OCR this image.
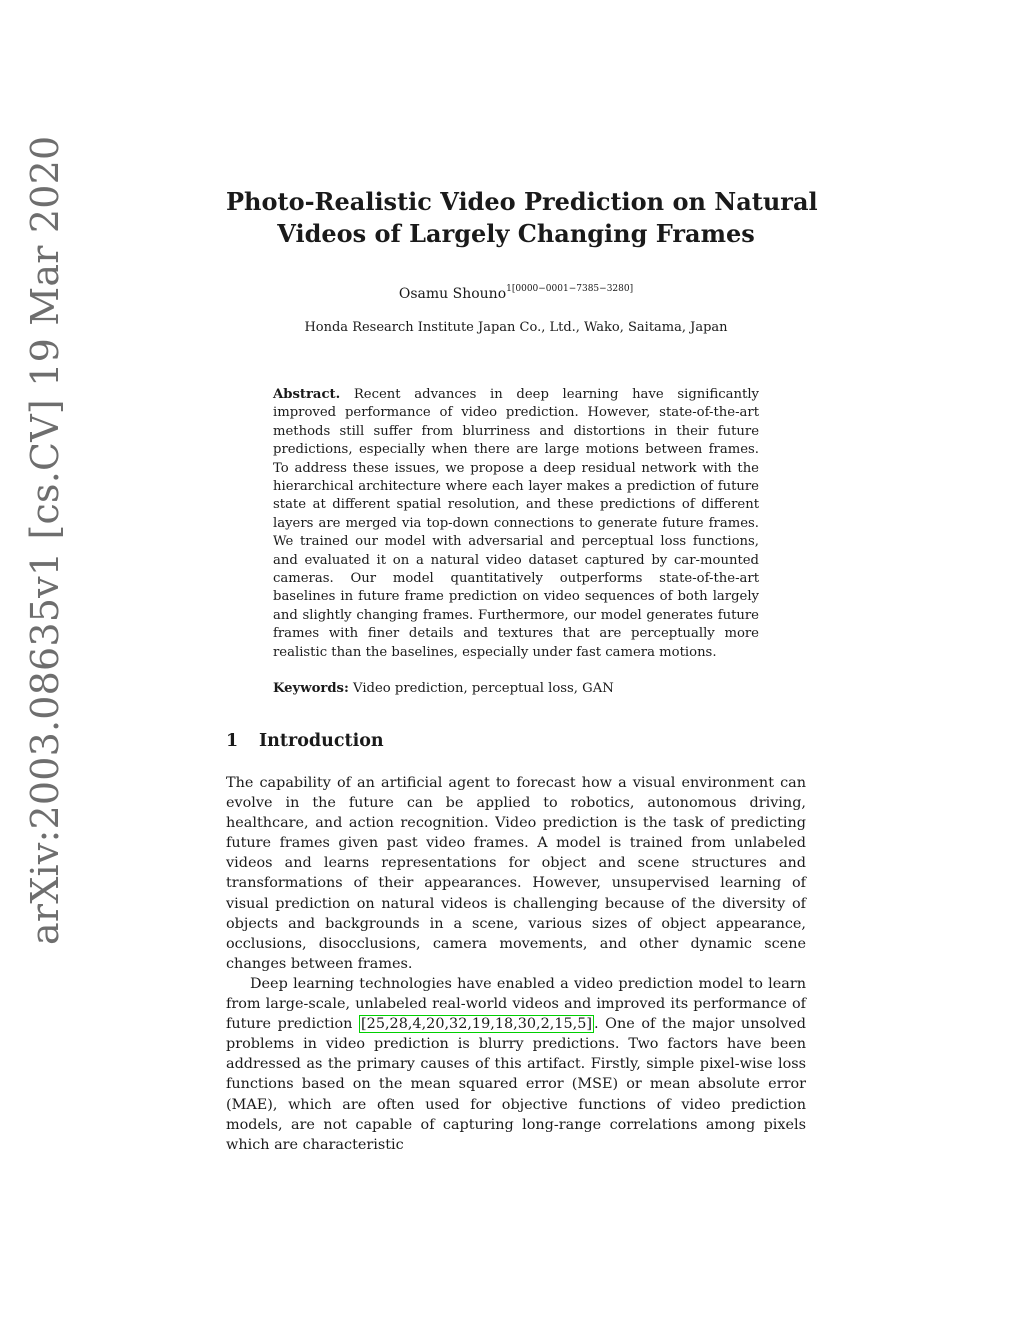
arXiv:2003.08635v1 [cs.CV] 19 Mar 2020	Photo-Realistic Video Prediction on Natural
Videos of Largely Changing Frames
Osamu Shouno$^{1[0000-0001-7385-3280]}$
Honda Research Institute Japan Co., Ltd., Wako, Saitama, Japan
Abstract. Recent advances in deep learning have significantly improved performance of video prediction. However, state-of-the-art methods still suffer from blurriness and distortions in their future predictions, especially when there are large motions between frames. To address these issues, we propose a deep residual network with the hierarchical architecture where each layer makes a prediction of future state at different spatial resolution, and these predictions of different layers are merged via top-down connections to generate future frames. We trained our model with adversarial and perceptual loss functions, and evaluated it on a natural video dataset captured by car-mounted cameras. Our model quantitatively outperforms state-of-the-art baselines in future frame prediction on video sequences of both largely and slightly changing frames. Furthermore, our model generates future frames with finer details and textures that are perceptually more realistic than the baselines, especially under fast camera motions.
Keywords: Video prediction, perceptual loss, GAN
1 Introduction

The capability of an artificial agent to forecast how a visual environment can evolve in the future can be applied to robotics, autonomous driving, healthcare, and action recognition. Video prediction is the task of predicting future frames given past video frames. A model is trained from unlabeled videos and learns representations for object and scene structures and transformations of their appearances. However, unsupervised learning of visual prediction on natural videos is challenging because of the diversity of objects and backgrounds in a scene, various sizes of object appearance, occlusions, disocclusions, camera movements, and other dynamic scene changes between frames.

Deep learning technologies have enabled a video prediction model to learn from large-scale, unlabeled real-world videos and improved its performance of future prediction [25,28,4,20,32,19,18,30,2,15,5] . One of the major unsolved problems in video prediction is blurry predictions. Two factors have been addressed as the primary causes of this artifact. Firstly, simple pixel-wise loss functions based on the mean squared error (MSE) or mean absolute error (MAE), which are often used for objective functions of video prediction models, are not capable of capturing long-range correlations among pixels which are characteristic
